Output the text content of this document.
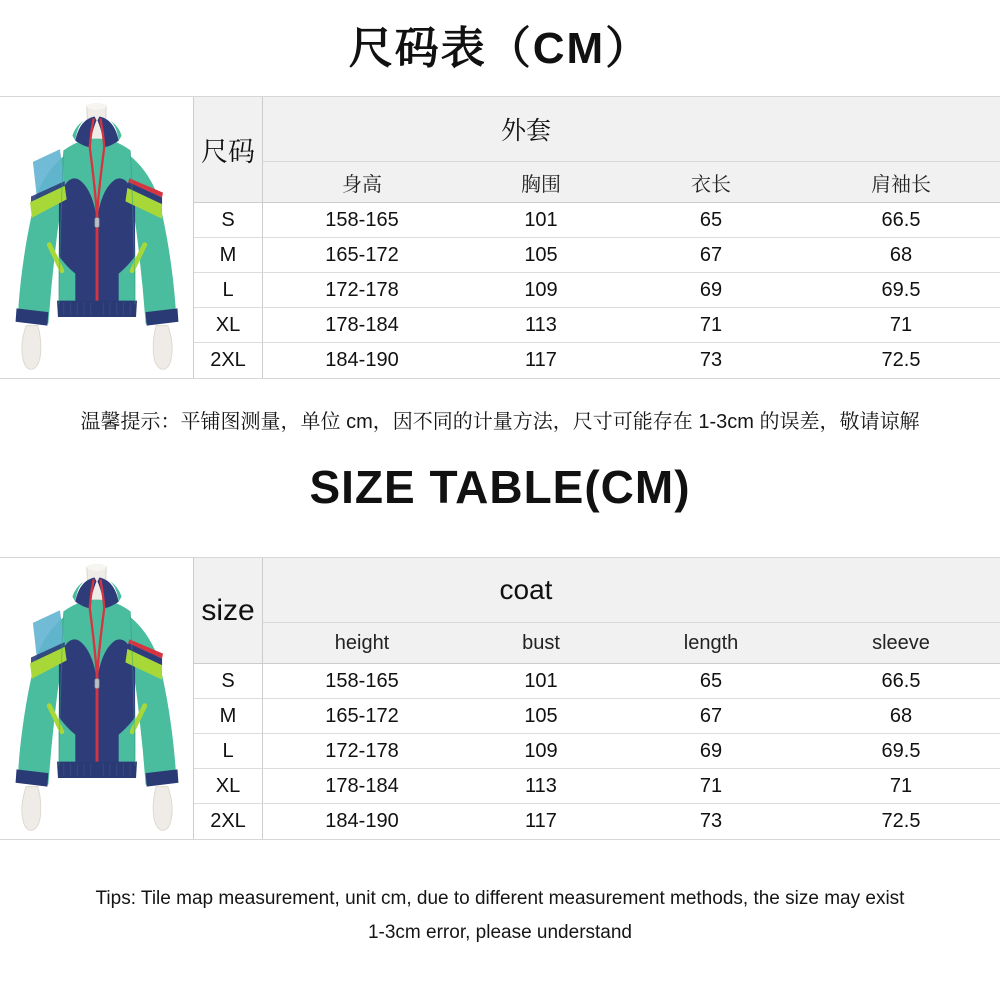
尺码表（CM）
尺码
外套
身高	胸围	衣长	肩袖长
S	158-165	101	65	66.5
M	165-172	105	67	68
L	172-178	109	69	69.5
XL	178-184	113	71	71
2XL	184-190	117	73	72.5
温馨提示：平铺图测量，单位 cm，因不同的计量方法，尺寸可能存在 1-3cm 的误差，敬请谅解
SIZE TABLE(CM)
size
coat
height	bust	length	sleeve
S	158-165	101	65	66.5
M	165-172	105	67	68
L	172-178	109	69	69.5
XL	178-184	113	71	71
2XL	184-190	117	73	72.5
Tips: Tile map measurement, unit cm, due to different measurement methods, the size may exist
1-3cm error, please understand
